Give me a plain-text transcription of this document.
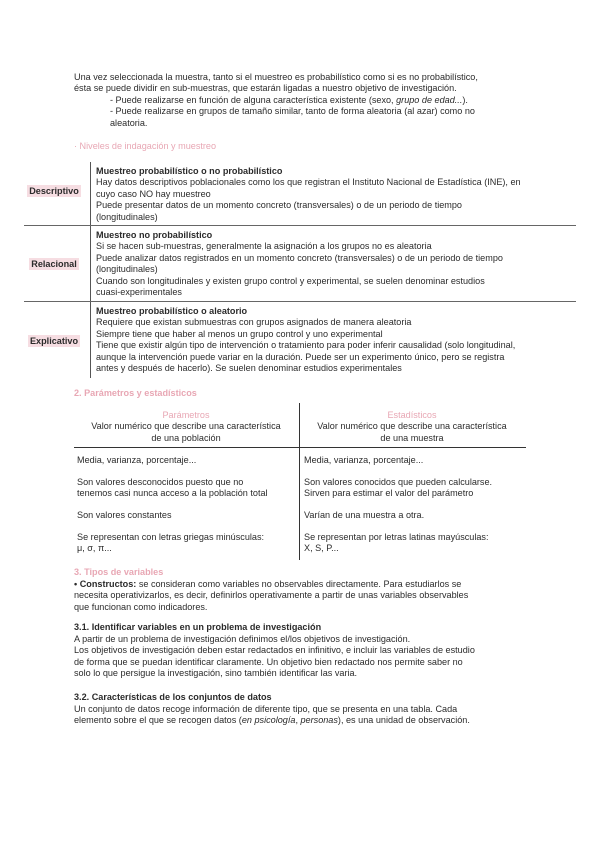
Una vez seleccionada la muestra, tanto si el muestreo es probabilístico como si es no probabilístico,

ésta se puede dividir en sub-muestras, que estarán ligadas a nuestro objetivo de investigación.

- Puede realizarse en función de alguna característica existente (sexo, grupo de edad...).

- Puede realizarse en grupos de tamaño similar, tanto de forma aleatoria (al azar) como no

aleatoria.

· Niveles de indagación y muestreo
Descriptivo

Muestreo probabilístico o no probabilístico

Hay datos descriptivos poblacionales como los que registran el Instituto Nacional de Estadística (INE), en

cuyo caso NO hay muestreo

Puede presentar datos de un momento concreto (transversales) o de un periodo de tiempo

(longitudinales)

Relacional

Muestreo no probabilístico

Si se hacen sub-muestras, generalmente la asignación a los grupos no es aleatoria

Puede analizar datos registrados en un momento concreto (transversales) o de un periodo de tiempo

(longitudinales)

Cuando son longitudinales y existen grupo control y experimental, se suelen denominar estudios

cuasi-experimentales

Explicativo

Muestreo probabilístico o aleatorio

Requiere que existan submuestras con grupos asignados de manera aleatoria

Siempre tiene que haber al menos un grupo control y uno experimental

Tiene que existir algún tipo de intervención o tratamiento para poder inferir causalidad (solo longitudinal,

aunque la intervención puede variar en la duración. Puede ser un experimento único, pero se registra

antes y después de hacerlo). Se suelen denominar estudios experimentales

2. Parámetros y estadísticos

Parámetros

Valor numérico que describe una característica

de una población

Estadísticos

Valor numérico que describe una característica

de una muestra

Media, varianza, porcentaje...	Media, varianza, porcentaje...

Son valores desconocidos puesto que no

tenemos casi nunca acceso a la población total

Son valores conocidos que pueden calcularse.

Sirven para estimar el valor del parámetro

Son valores constantes	Varían de una muestra a otra.

Se representan con letras griegas minúsculas:

μ, σ, π...

Se representan por letras latinas mayúsculas:

X, S, P...

3. Tipos de variables

• Constructos: se consideran como variables no observables directamente. Para estudiarlos se

necesita operativizarlos, es decir, definirlos operativamente a partir de unas variables observables

que funcionan como indicadores.

3.1. Identificar variables en un problema de investigación

A partir de un problema de investigación definimos el/los objetivos de investigación.

Los objetivos de investigación deben estar redactados en infinitivo, e incluir las variables de estudio

de forma que se puedan identificar claramente. Un objetivo bien redactado nos permite saber no

solo lo que persigue la investigación, sino también identificar las varia.

3.2. Características de los conjuntos de datos

Un conjunto de datos recoge información de diferente tipo, que se presenta en una tabla. Cada

elemento sobre el que se recogen datos (en psicología, personas), es una unidad de observación.
